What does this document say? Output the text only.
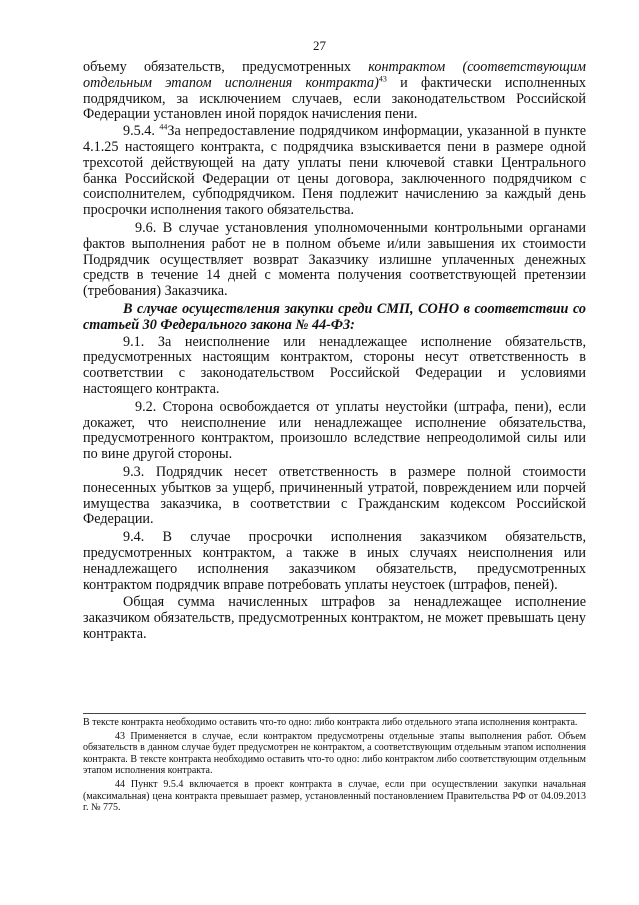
27

объему обязательств, предусмотренных контрактом (соответствующим отдельным этапом исполнения контракта)$^{43}$ и фактически исполненных подрядчиком, за исключением случаев, если законодательством Российской Федерации установлен иной порядок начисления пени.

9.5.4. $^{44}$За непредоставление подрядчиком информации, указанной в пункте 4.1.25 настоящего контракта, с подрядчика взыскивается пени в размере одной трехсотой действующей на дату уплаты пени ключевой ставки Центрального банка Российской Федерации от цены договора, заключенного подрядчиком с соисполнителем, субподрядчиком. Пеня подлежит начислению за каждый день просрочки исполнения такого обязательства.

9.6. В случае установления уполномоченными контрольными органами фактов выполнения работ не в полном объеме и/или завышения их стоимости Подрядчик осуществляет возврат Заказчику излишне уплаченных денежных средств в течение 14 дней с момента получения соответствующей претензии (требования) Заказчика.

В случае осуществления закупки среди СМП, СОНО в соответствии со статьей 30 Федерального закона № 44-ФЗ:

9.1. За неисполнение или ненадлежащее исполнение обязательств, предусмотренных настоящим контрактом, стороны несут ответственность в соответствии с законодательством Российской Федерации и условиями настоящего контракта.

9.2. Сторона освобождается от уплаты неустойки (штрафа, пени), если докажет, что неисполнение или ненадлежащее исполнение обязательства, предусмотренного контрактом, произошло вследствие непреодолимой силы или по вине другой стороны.

9.3. Подрядчик несет ответственность в размере полной стоимости понесенных убытков за ущерб, причиненный утратой, повреждением или порчей имущества заказчика, в соответствии с Гражданским кодексом Российской Федерации.

9.4. В случае просрочки исполнения заказчиком обязательств, предусмотренных контрактом, а также в иных случаях неисполнения или ненадлежащего исполнения заказчиком обязательств, предусмотренных контрактом подрядчик вправе потребовать уплаты неустоек (штрафов, пеней).

Общая сумма начисленных штрафов за ненадлежащее исполнение заказчиком обязательств, предусмотренных контрактом, не может превышать цену контракта.

В тексте контракта необходимо оставить что-то одно: либо контракта либо отдельного этапа исполнения контракта.

43 Применяется в случае, если контрактом предусмотрены отдельные этапы выполнения работ. Объем обязательств в данном случае будет предусмотрен не контрактом, а соответствующим отдельным этапом исполнения контракта. В тексте контракта необходимо оставить что-то одно: либо контрактом либо соответствующим отдельным этапом исполнения контракта.

44 Пункт 9.5.4 включается в проект контракта в случае, если при осуществлении закупки начальная (максимальная) цена контракта превышает размер, установленный постановлением Правительства РФ от 04.09.2013 г. № 775.
